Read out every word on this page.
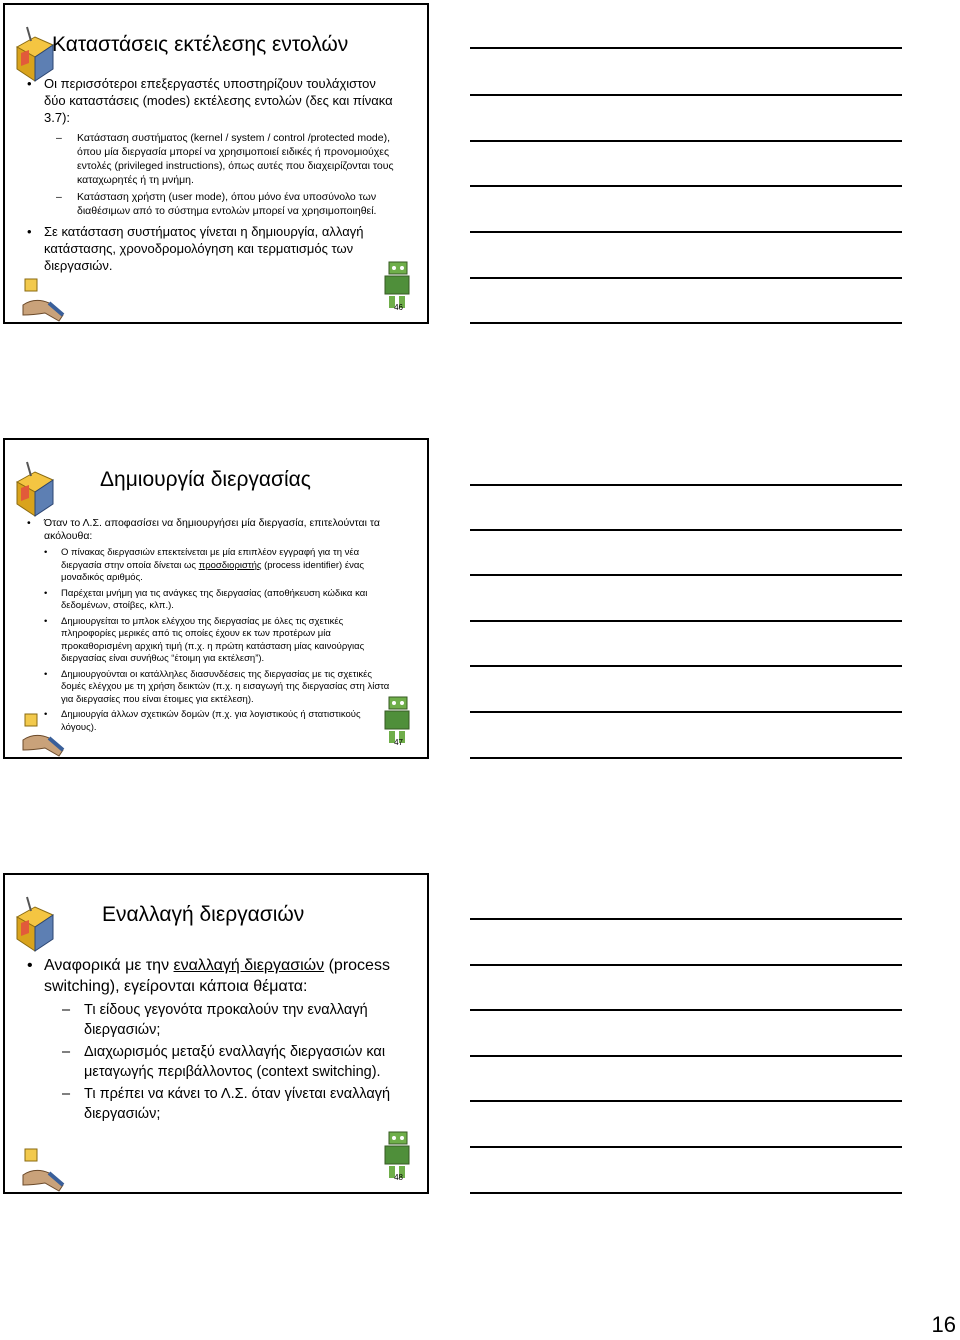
Καταστάσεις εκτέλεσης εντολών
• Οι περισσότεροι επεξεργαστές υποστηρίζουν τουλάχιστον δύο καταστάσεις (modes) εκτέλεσης εντολών (δες και πίνακα 3.7):
– Κατάσταση συστήματος (kernel / system / control /protected mode), όπου μία διεργασία μπορεί να χρησιμοποιεί ειδικές ή προνομιούχες εντολές (privileged instructions), όπως αυτές που διαχειρίζονται τους καταχωρητές ή τη μνήμη.
– Κατάσταση χρήστη (user mode), όπου μόνο ένα υποσύνολο των διαθέσιμων από το σύστημα εντολών μπορεί να χρησιμοποιηθεί.
• Σε κατάσταση συστήματος γίνεται η δημιουργία, αλλαγή κατάστασης, χρονοδρομολόγηση και τερματισμός των διεργασιών.
46
Δημιουργία διεργασίας
• Όταν το Λ.Σ. αποφασίσει να δημιουργήσει μία διεργασία, επιτελούνται τα ακόλουθα:
• Ο πίνακας διεργασιών επεκτείνεται με μία επιπλέον εγγραφή για τη νέα διεργασία στην οποία δίνεται ως προσδιοριστής (process identifier) ένας μοναδικός αριθμός.
• Παρέχεται μνήμη για τις ανάγκες της διεργασίας (αποθήκευση κώδικα και δεδομένων, στοίβες, κλπ.).
• Δημιουργείται το μπλοκ ελέγχου της διεργασίας με όλες τις σχετικές πληροφορίες μερικές από τις οποίες έχουν εκ των προτέρων μία προκαθορισμένη αρχική τιμή (π.χ. η πρώτη κατάσταση μίας καινούργιας διεργασίας είναι συνήθως “έτοιμη για εκτέλεση”).
• Δημιουργούνται οι κατάλληλες διασυνδέσεις της διεργασίας με τις σχετικές δομές ελέγχου με τη χρήση δεικτών (π.χ. η εισαγωγή της διεργασίας στη λίστα για διεργασίες που είναι έτοιμες για εκτέλεση).
• Δημιουργία άλλων σχετικών δομών (π.χ. για λογιστικούς ή στατιστικούς λόγους).
47
Εναλλαγή διεργασιών
• Αναφορικά με την εναλλαγή διεργασιών (process switching), εγείρονται κάποια θέματα:
– Τι είδους γεγονότα προκαλούν την εναλλαγή διεργασιών;
– Διαχωρισμός μεταξύ εναλλαγής διεργασιών και μεταγωγής περιβάλλοντος (context switching).
– Τι πρέπει να κάνει το Λ.Σ. όταν γίνεται εναλλαγή διεργασιών;
48
16
